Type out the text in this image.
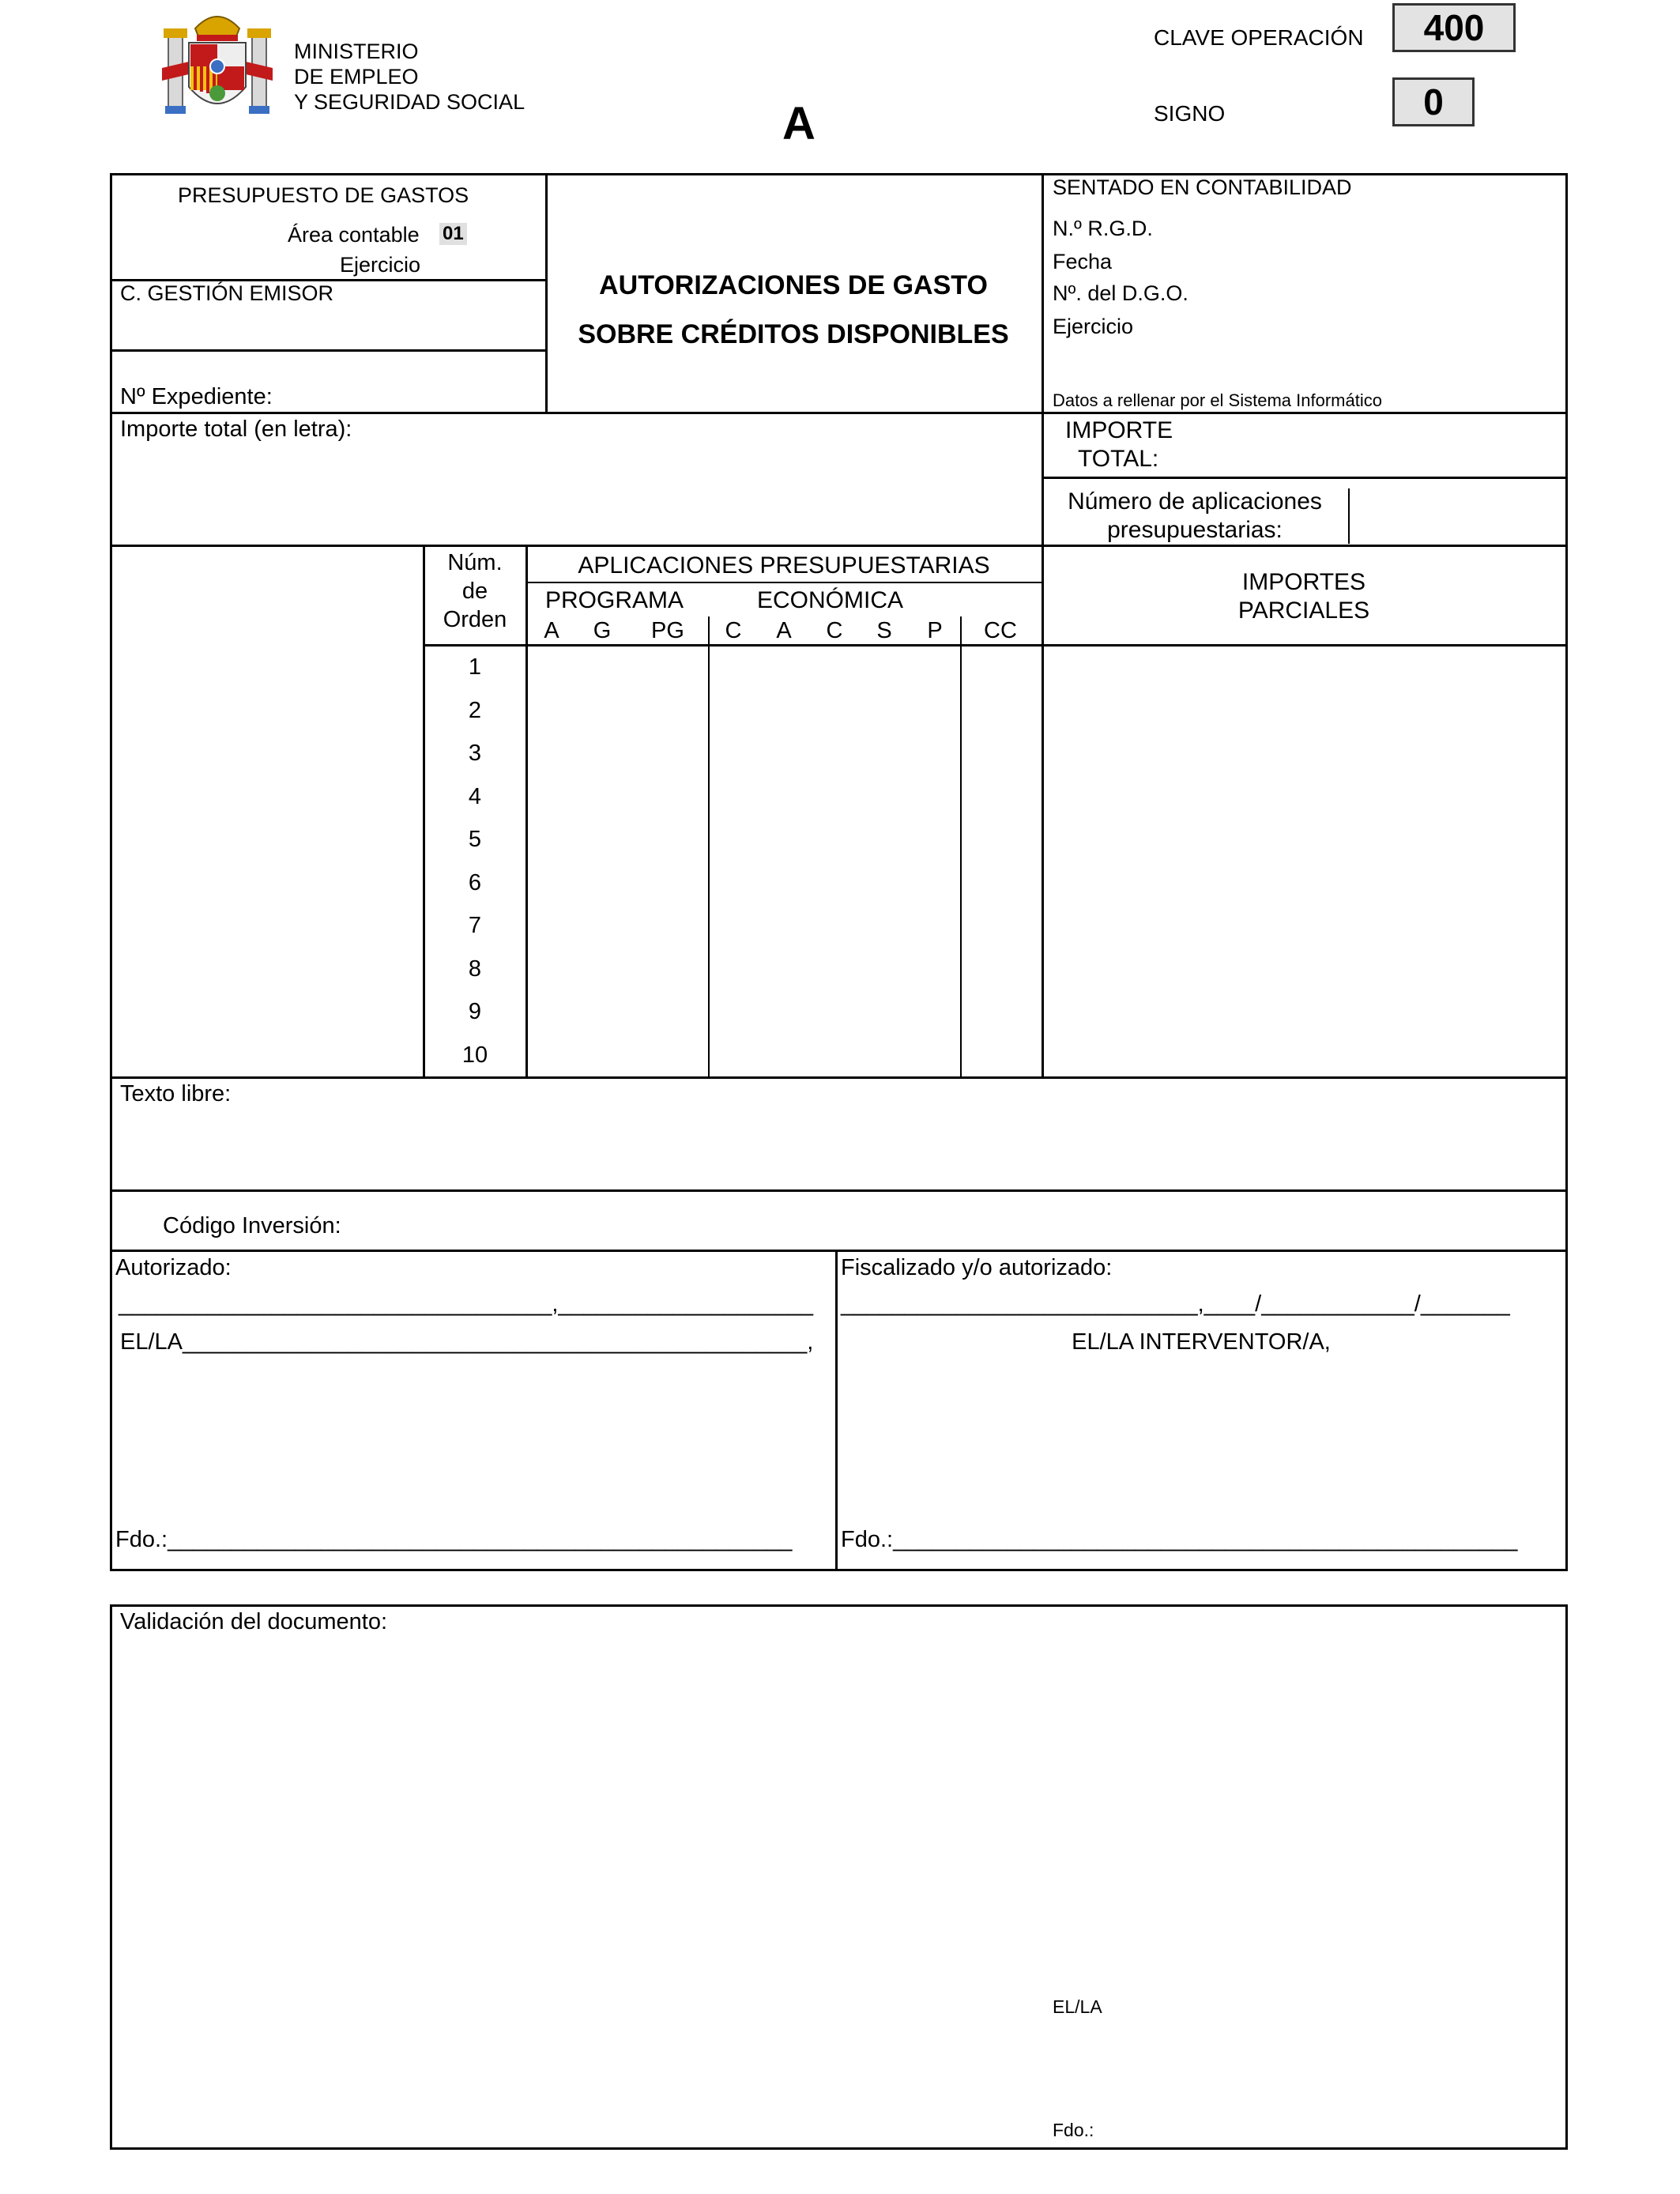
MINISTERIO
DE EMPLEO
Y SEGURIDAD SOCIAL	A
CLAVE OPERACIÓN	400
SIGNO	0
PRESUPUESTO DE GASTOS
Área contable 01
Ejercicio
C. GESTIÓN EMISOR
Nº Expediente:
AUTORIZACIONES DE GASTO
SOBRE CRÉDITOS DISPONIBLES
SENTADO EN CONTABILIDAD
N.º R.G.D.
Fecha
Nº. del D.G.O.
Ejercicio
Datos a rellenar por el Sistema Informático
Importe total (en letra):	IMPORTE
TOTAL:
Número de aplicaciones
presupuestarias:
Núm.
de
Orden
APLICACIONES PRESUPUESTARIAS
PROGRAMA	ECONÓMICA
A G PG C A C S P CC
IMPORTES
PARCIALES
1
2
3
4
5
6
7
8
9
10
Texto libre:
Código Inversión:
Autorizado:
__________________________________,____________________
EL/LA_________________________________________________,
Fdo.:_________________________________________________
Fiscalizado y/o autorizado:
____________________________,____/____________/_______
EL/LA INTERVENTOR/A,
Fdo.:_________________________________________________
Validación del documento:
EL/LA
Fdo.:
